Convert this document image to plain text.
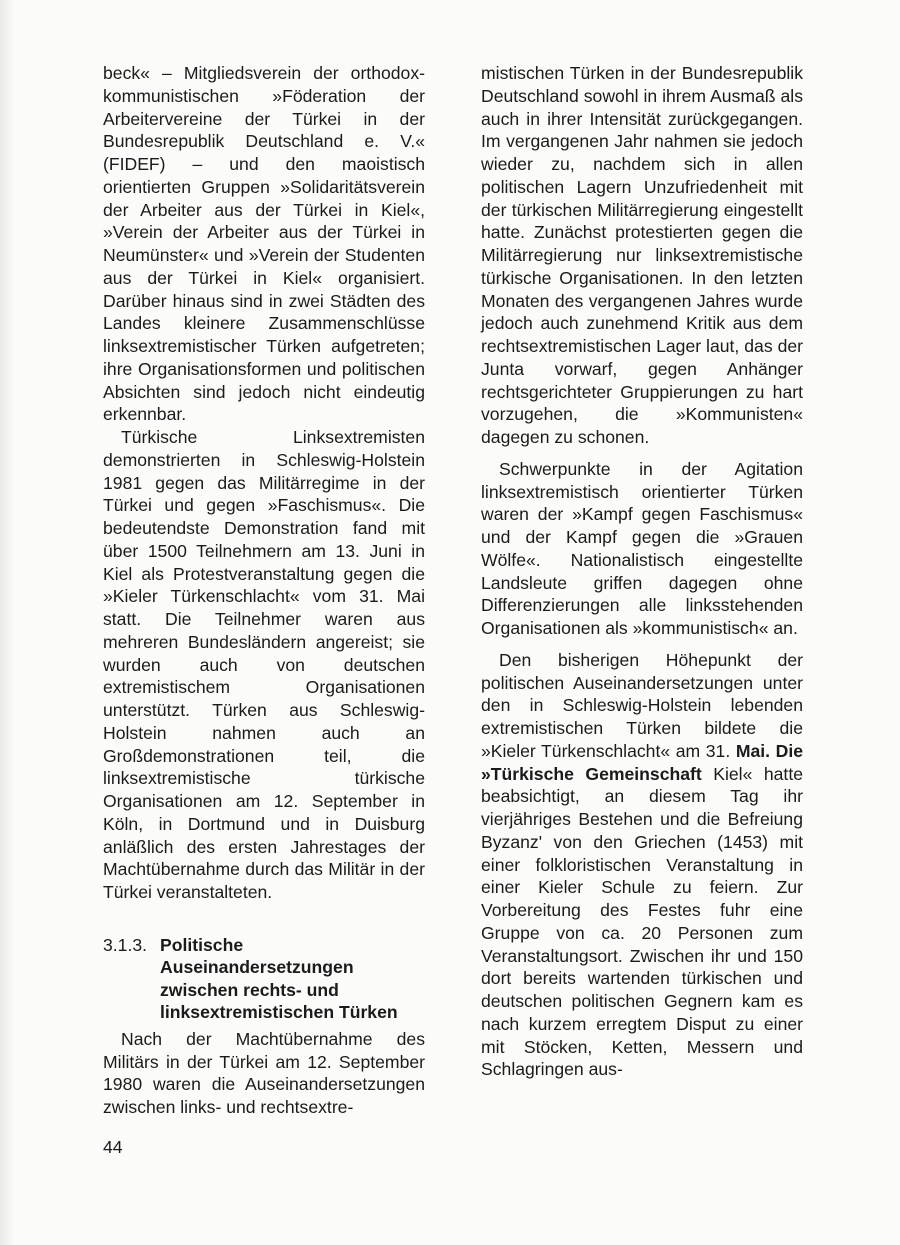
beck« – Mitgliedsverein der orthodox-kommunistischen »Föderation der Arbeitervereine der Türkei in der Bundesrepublik Deutschland e. V.« (FIDEF) – und den maoistisch orientierten Gruppen »Solidaritätsverein der Arbeiter aus der Türkei in Kiel«, »Verein der Arbeiter aus der Türkei in Neumünster« und »Verein der Studenten aus der Türkei in Kiel« organisiert. Darüber hinaus sind in zwei Städten des Landes kleinere Zusammenschlüsse linksextremistischer Türken aufgetreten; ihre Organisationsformen und politischen Absichten sind jedoch nicht eindeutig erkennbar.

Türkische Linksextremisten demonstrierten in Schleswig-Holstein 1981 gegen das Militärregime in der Türkei und gegen »Faschismus«. Die bedeutendste Demonstration fand mit über 1500 Teilnehmern am 13. Juni in Kiel als Protestveranstaltung gegen die »Kieler Türkenschlacht« vom 31. Mai statt. Die Teilnehmer waren aus mehreren Bundesländern angereist; sie wurden auch von deutschen extremistischem Organisationen unterstützt. Türken aus Schleswig-Holstein nahmen auch an Großdemonstrationen teil, die linksextremistische türkische Organisationen am 12. September in Köln, in Dortmund und in Duisburg anläßlich des ersten Jahrestages der Machtübernahme durch das Militär in der Türkei veranstalteten.

3.1.3. Politische
Auseinandersetzungen
zwischen rechts- und
linksextremistischen Türken

Nach der Machtübernahme des Militärs in der Türkei am 12. September 1980 waren die Auseinandersetzungen zwischen links- und rechtsextre-

mistischen Türken in der Bundesrepublik Deutschland sowohl in ihrem Ausmaß als auch in ihrer Intensität zurückgegangen. Im vergangenen Jahr nahmen sie jedoch wieder zu, nachdem sich in allen politischen Lagern Unzufriedenheit mit der türkischen Militärregierung eingestellt hatte. Zunächst protestierten gegen die Militärregierung nur linksextremistische türkische Organisationen. In den letzten Monaten des vergangenen Jahres wurde jedoch auch zunehmend Kritik aus dem rechtsextremistischen Lager laut, das der Junta vorwarf, gegen Anhänger rechtsgerichteter Gruppierungen zu hart vorzugehen, die »Kommunisten« dagegen zu schonen.

Schwerpunkte in der Agitation linksextremistisch orientierter Türken waren der »Kampf gegen Faschismus« und der Kampf gegen die »Grauen Wölfe«. Nationalistisch eingestellte Landsleute griffen dagegen ohne Differenzierungen alle linksstehenden Organisationen als »kommunistisch« an.

Den bisherigen Höhepunkt der politischen Auseinandersetzungen unter den in Schleswig-Holstein lebenden extremistischen Türken bildete die »Kieler Türkenschlacht« am 31. Mai. Die »Türkische Gemeinschaft Kiel« hatte beabsichtigt, an diesem Tag ihr vierjähriges Bestehen und die Befreiung Byzanz' von den Griechen (1453) mit einer folkloristischen Veranstaltung in einer Kieler Schule zu feiern. Zur Vorbereitung des Festes fuhr eine Gruppe von ca. 20 Personen zum Veranstaltungsort. Zwischen ihr und 150 dort bereits wartenden türkischen und deutschen politischen Gegnern kam es nach kurzem erregtem Disput zu einer mit Stöcken, Ketten, Messern und Schlagringen aus-

44
